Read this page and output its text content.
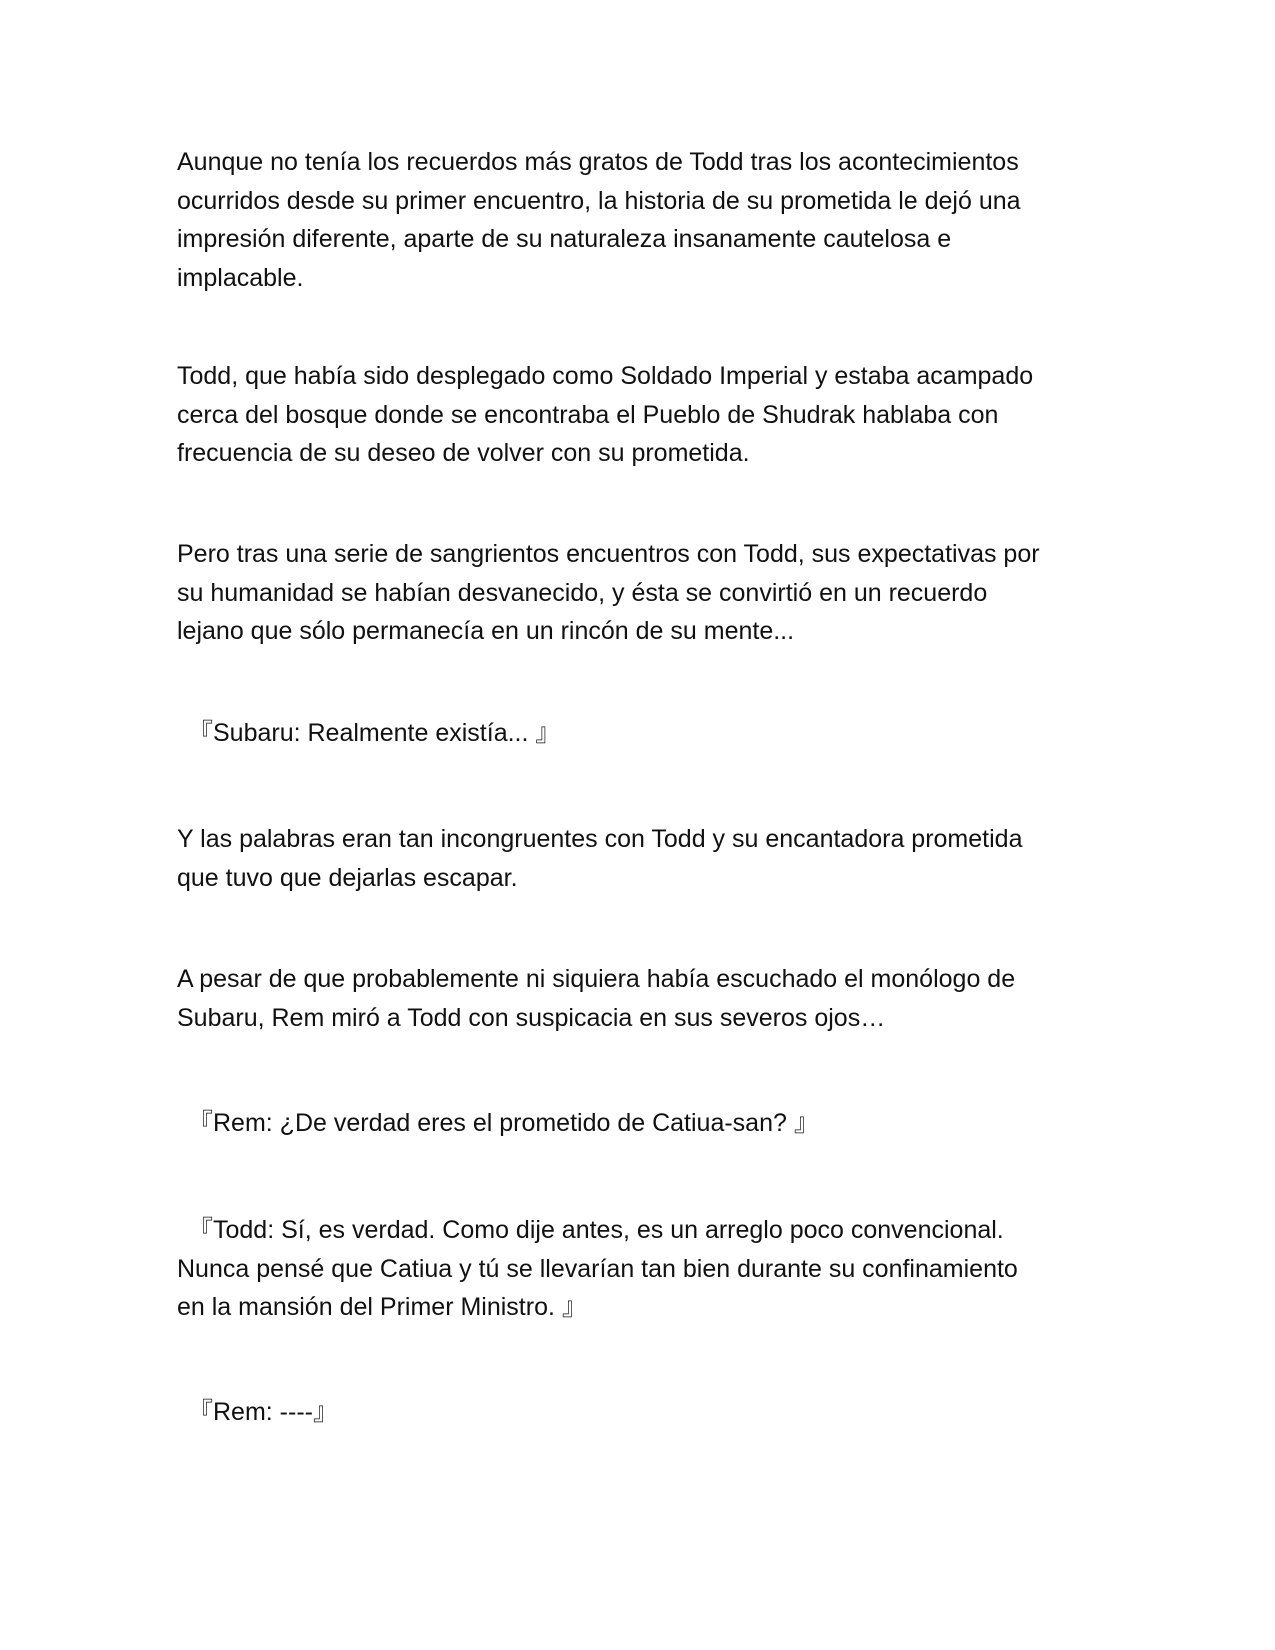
Aunque no tenía los recuerdos más gratos de Todd tras los acontecimientos
ocurridos desde su primer encuentro, la historia de su prometida le dejó una
impresión diferente, aparte de su naturaleza insanamente cautelosa e
implacable.

Todd, que había sido desplegado como Soldado Imperial y estaba acampado
cerca del bosque donde se encontraba el Pueblo de Shudrak hablaba con
frecuencia de su deseo de volver con su prometida.

Pero tras una serie de sangrientos encuentros con Todd, sus expectativas por
su humanidad se habían desvanecido, y ésta se convirtió en un recuerdo
lejano que sólo permanecía en un rincón de su mente...

『Subaru: Realmente existía... 』

Y las palabras eran tan incongruentes con Todd y su encantadora prometida
que tuvo que dejarlas escapar.

A pesar de que probablemente ni siquiera había escuchado el monólogo de
Subaru, Rem miró a Todd con suspicacia en sus severos ojos…

『Rem: ¿De verdad eres el prometido de Catiua-san? 』

『Todd: Sí, es verdad. Como dije antes, es un arreglo poco convencional.
Nunca pensé que Catiua y tú se llevarían tan bien durante su confinamiento
en la mansión del Primer Ministro. 』

『Rem: ----』
